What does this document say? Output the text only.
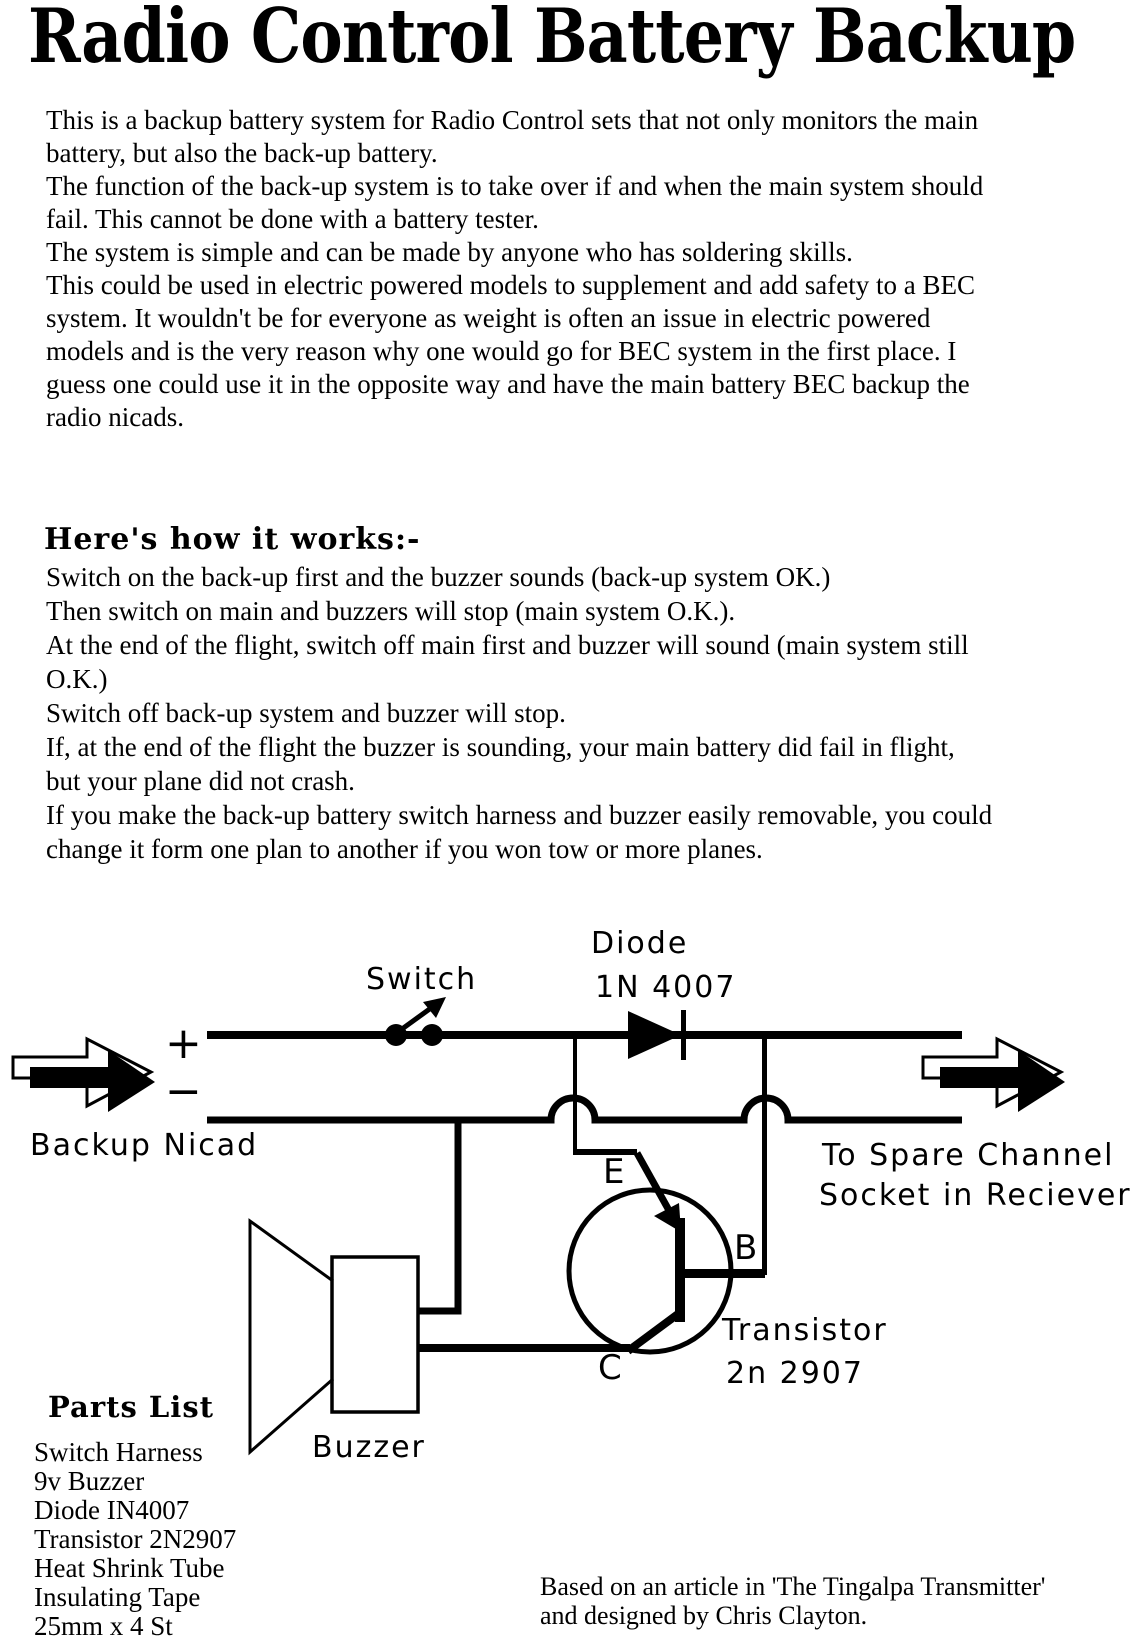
Radio Control Battery Backup

This is a backup battery system for Radio Control sets that not only monitors the main battery, but also the back-up battery.

The function of the back-up system is to take over if and when the main system should fail. This cannot be done with a battery tester.

The system is simple and can be made by anyone who has soldering skills.

This could be used in electric powered models to supplement and add safety to a BEC system. It wouldn't be for everyone as weight is often an issue in electric powered models and is the very reason why one would go for BEC system in the first place. I guess one could use it in the opposite way and have the main battery BEC backup the radio nicads.

Here's how it works:-

Switch on the back-up first and the buzzer sounds (back-up system OK.)

Then switch on main and buzzers will stop (main system O.K.).

At the end of the flight, switch off main first and buzzer will sound (main system still O.K.)

Switch off back-up system and buzzer will stop.

If, at the end of the flight the buzzer is sounding, your main battery did fail in flight, but your plane did not crash.

If you make the back-up battery switch harness and buzzer easily removable, you could change it form one plan to another if you won tow or more planes.

Switch
Diode
1N 4007
+
−
Backup Nicad	To Spare Channel
Socket in Reciever
E
B
C
Transistor
2n 2907
Buzzer
Parts List
Switch Harness
9v Buzzer
Diode IN4007
Transistor 2N2907
Heat Shrink Tube
Insulating Tape
25mm x 4 St
Based on an article in 'The Tingalpa Transmitter'
and designed by Chris Clayton.
